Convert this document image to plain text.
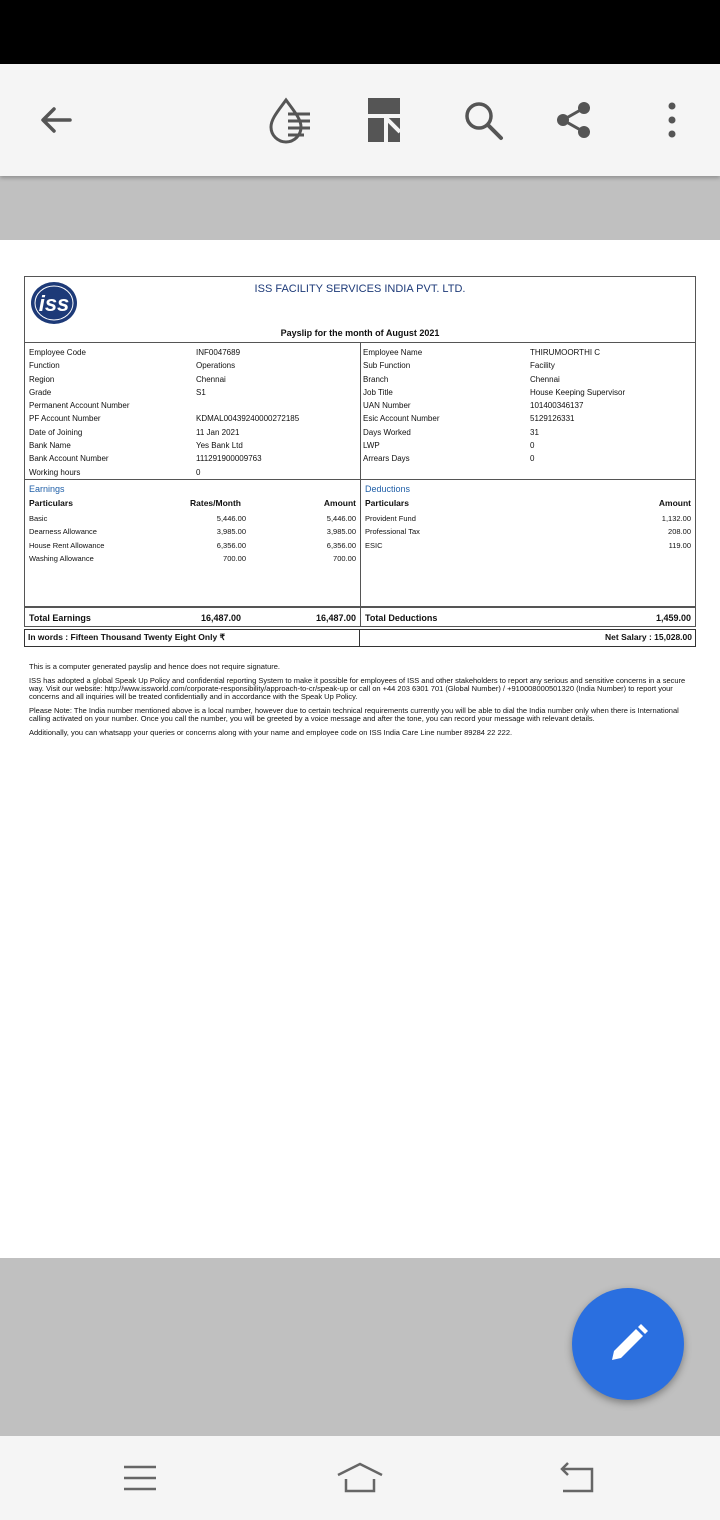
iss
ISS FACILITY SERVICES INDIA PVT. LTD.
Payslip for the month of August 2021
Employee Code	INF0047689
Function	Operations
Region	Chennai
Grade	S1
Permanent Account Number
PF Account Number	KDMAL00439240000272185
Date of Joining	11 Jan 2021
Bank Name	Yes Bank Ltd
Bank Account Number	111291900009763
Working hours	0
Employee Name	THIRUMOORTHI C
Sub Function	Facility
Branch	Chennai
Job Title	House Keeping Supervisor
UAN Number	101400346137
Esic Account Number	5129126331
Days Worked	31
LWP	0
Arrears Days	0
Earnings
Particulars	Rates/Month	Amount
Basic	5,446.00	5,446.00
Dearness Allowance	3,985.00	3,985.00
House Rent Allowance	6,356.00	6,356.00
Washing Allowance	700.00	700.00
Deductions
Particulars	Amount
Provident Fund	1,132.00
Professional Tax	208.00
ESIC	119.00
Total Earnings	16,487.00	16,487.00 Total Deductions	1,459.00
In words : Fifteen Thousand Twenty Eight Only ₹	Net Salary : 15,028.00

This is a computer generated payslip and hence does not require signature.

ISS has adopted a global Speak Up Policy and confidential reporting System to make it possible for employees of ISS and other stakeholders to report any serious and sensitive concerns in a secure way. Visit our website: http://www.issworld.com/corporate-responsibility/approach-to-cr/speak-up or call on +44 203 6301 701 (Global Number) / +910008000501320 (India Number) to report your concerns and all inquiries will be treated confidentially and in accordance with the Speak Up Policy.

Please Note: The India number mentioned above is a local number, however due to certain technical requirements currently you will be able to dial the India number only when there is International calling activated on your number. Once you call the number, you will be greeted by a voice message and after the tone, you can record your message with relevant details.

Additionally, you can whatsapp your queries or concerns along with your name and employee code on ISS India Care Line number 89284 22 222.
